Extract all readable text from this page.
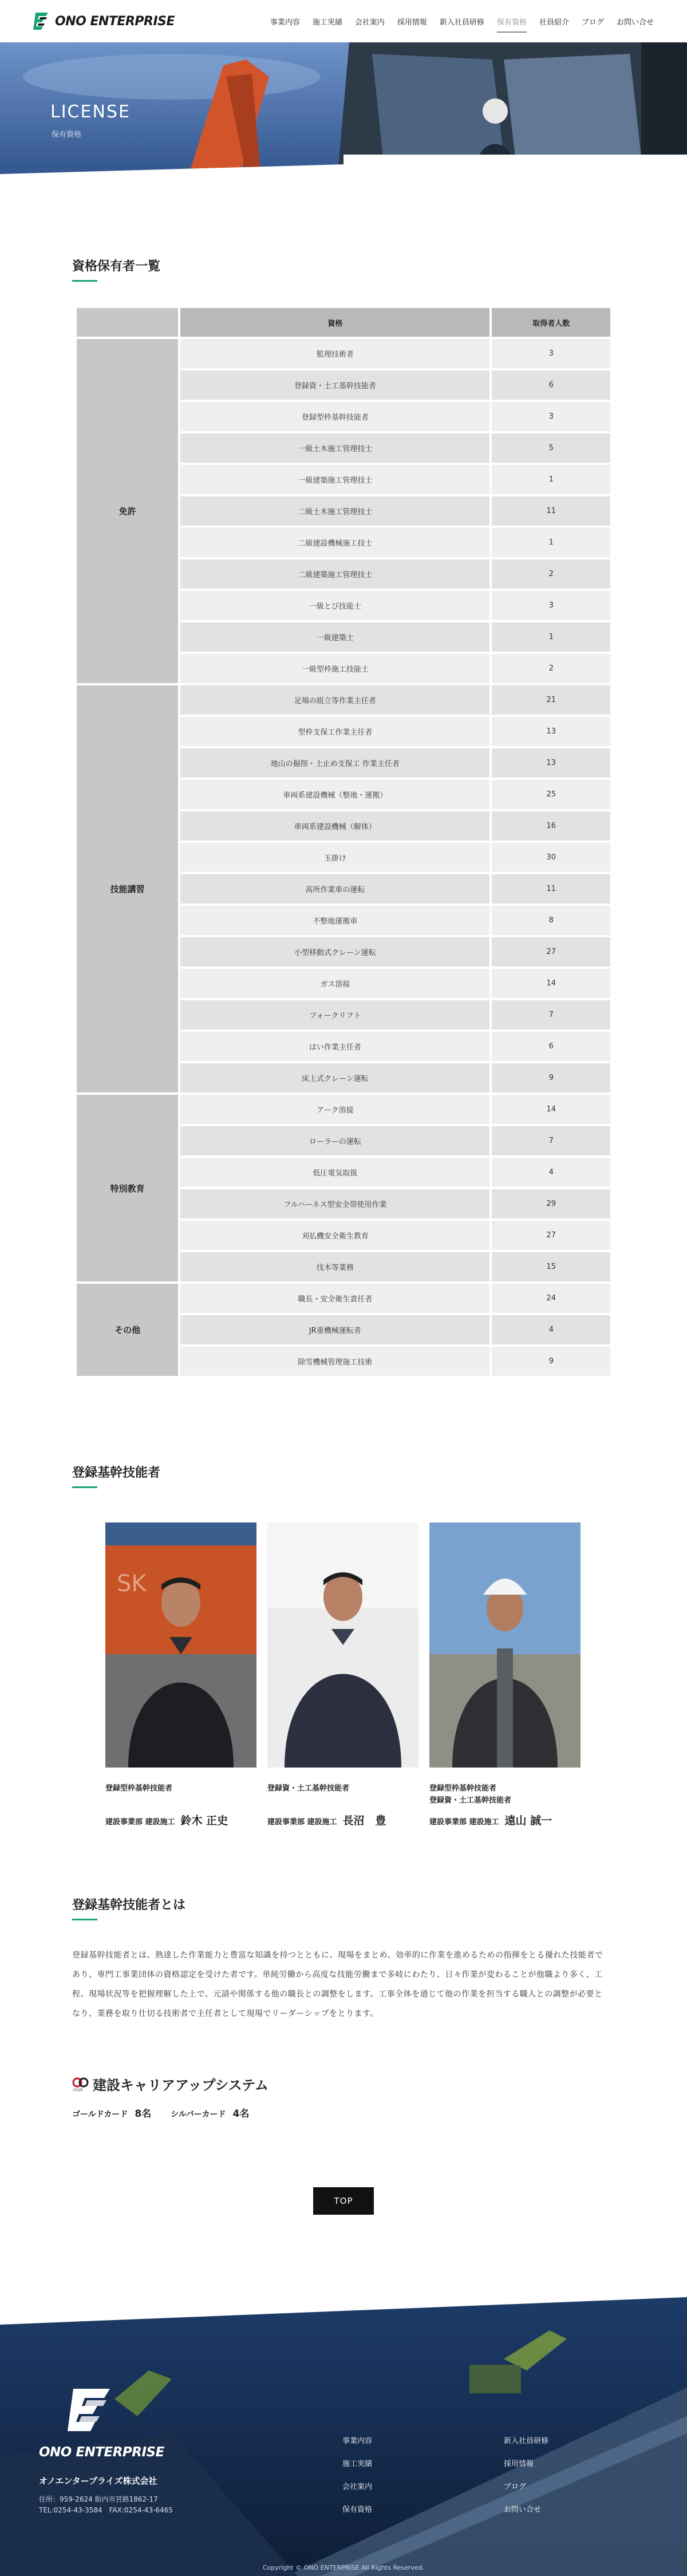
ONO ENTERPRISE	事業内容 施工実績 会社案内 採用情報 新入社員研修 保有資格 社員紹介 ブログ お問い合せ
LICENSE
保有資格
資格保有者一覧
	資格	取得者人数
免許	監理技術者	3
	登録資・土工基幹技能者	6
	登録型枠基幹技能者	3
	一級土木施工管理技士	5
	一級建築施工管理技士	1
	二級土木施工管理技士	11
	二級建設機械施工技士	1
	二級建築施工管理技士	2
	一級とび技能士	3
	一級建築士	1
	一級型枠施工技能士	2
技能講習	足場の組立等作業主任者	21
	型枠支保工作業主任者	13
	地山の掘削・土止め支保工 作業主任者	13
	車両系建設機械（整地・運搬）	25
	車両系建設機械（解体）	16
	玉掛け	30
	高所作業車の運転	11
	不整地運搬車	8
	小型移動式クレーン運転	27
	ガス溶接	14
	フォークリフト	7
	はい作業主任者	6
	床上式クレーン運転	9
特別教育	アーク溶接	14
	ローラーの運転	7
	低圧電気取扱	4
	フルハーネス型安全帯使用作業	29
	刈払機安全衛生教育	27
	伐木等業務	15
その他	職長・安全衛生責任者	24
	JR重機械運転者	4
	除雪機械管理施工技術	9
登録基幹技能者
SK
登録型枠基幹技能者
建設事業部 建設施工 鈴木 正史
登録資・土工基幹技能者
建設事業部 建設施工 長沼　豊
登録型枠基幹技能者
登録資・土工基幹技能者
建設事業部 建設施工 遠山 誠一
登録基幹技能者とは

登録基幹技能者とは、熟達した作業能力と豊富な知識を持つとともに、現場をまとめ、効率的に作業を進めるための指揮をとる優れた技能者であり、専門工事業団体の資格認定を受けた者です。単純労働から高度な技能労働まで多岐にわたり、日々作業が変わることが他職より多く、工程、現場状況等を把握理解した上で、元請や関係する他の職長との調整をします。工事全体を通じて他の作業を担当する職人との調整が必要となり、業務を取り仕切る技術者で主任者として現場でリーダーシップをとります。

CCUS 建設キャリアアップシステム
ゴールドカード 8名 シルバーカード 4名
TOP
ONO ENTERPRISE
オノエンタープライズ株式会社
住所：959-2624 胎内市宮路1862-17
TEL:0254-43-3584　FAX:0254-43-6465
事業内容	新入社員研修
施工実績	採用情報
会社案内	ブログ
保有資格	お問い合せ
Copyright © ONO ENTERPRISE All Rights Reserved.
